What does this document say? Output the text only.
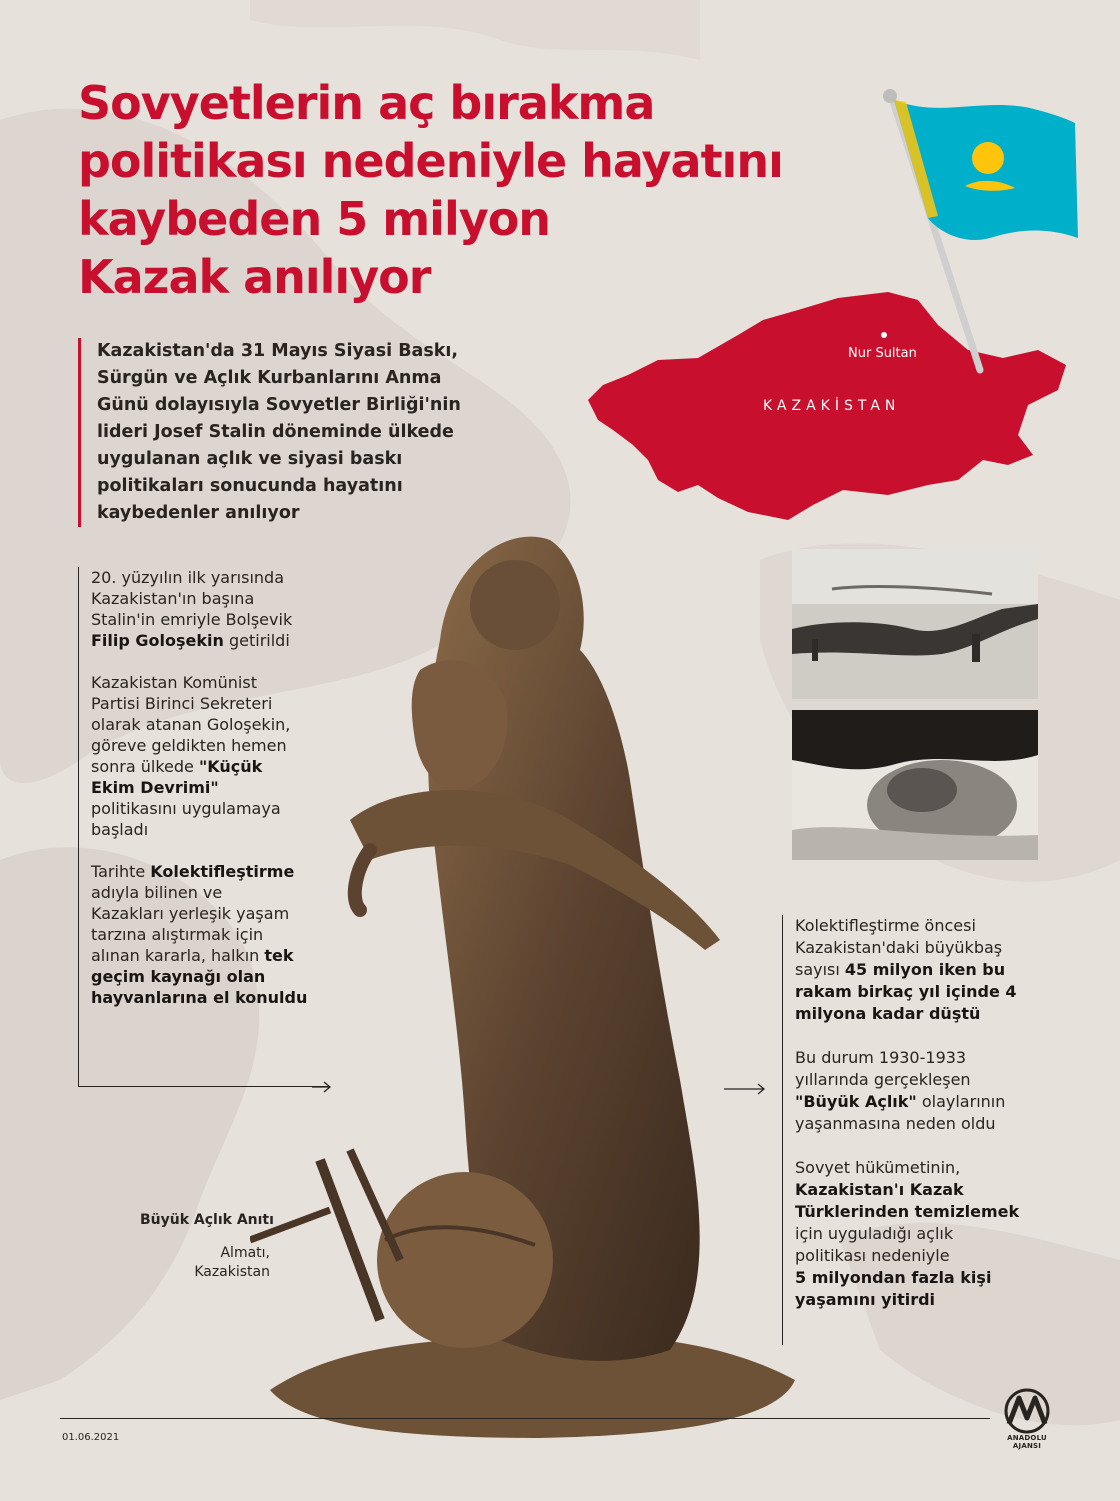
Sovyetlerin aç bırakma
politikası nedeniyle hayatını
kaybeden 5 milyon
Kazak anılıyor
Kazakistan'da 31 Mayıs Siyasi Baskı,
Sürgün ve Açlık Kurbanlarını Anma
Günü dolayısıyla Sovyetler Birliği'nin
lideri Josef Stalin döneminde ülkede
uygulanan açlık ve siyasi baskı
politikaları sonucunda hayatını
kaybedenler anılıyor
Nur Sultan
KAZAKİSTAN

20. yüzyılın ilk yarısında
Kazakistan'ın başına
Stalin'in emriyle Bolşevik
Filip Goloşekin getirildi

Kazakistan Komünist
Partisi Birinci Sekreteri
olarak atanan Goloşekin,
göreve geldikten hemen
sonra ülkede "Küçük
Ekim Devrimi"
politikasını uygulamaya
başladı

Tarihte Kolektifleştirme
adıyla bilinen ve
Kazakları yerleşik yaşam
tarzına alıştırmak için
alınan kararla, halkın tek
geçim kaynağı olan
hayvanlarına el konuldu

Kolektifleştirme öncesi
Kazakistan'daki büyükbaş
sayısı 45 milyon iken bu
rakam birkaç yıl içinde 4
milyona kadar düştü

Bu durum 1930-1933
yıllarında gerçekleşen
"Büyük Açlık" olaylarının
yaşanmasına neden oldu

Sovyet hükümetinin,
Kazakistan'ı Kazak
Türklerinden temizlemek
için uyguladığı açlık
politikası nedeniyle
5 milyondan fazla kişi
yaşamını yitirdi

Büyük Açlık Anıtı
Almatı,
Kazakistan
01.06.2021	ANADOLU AJANSI
